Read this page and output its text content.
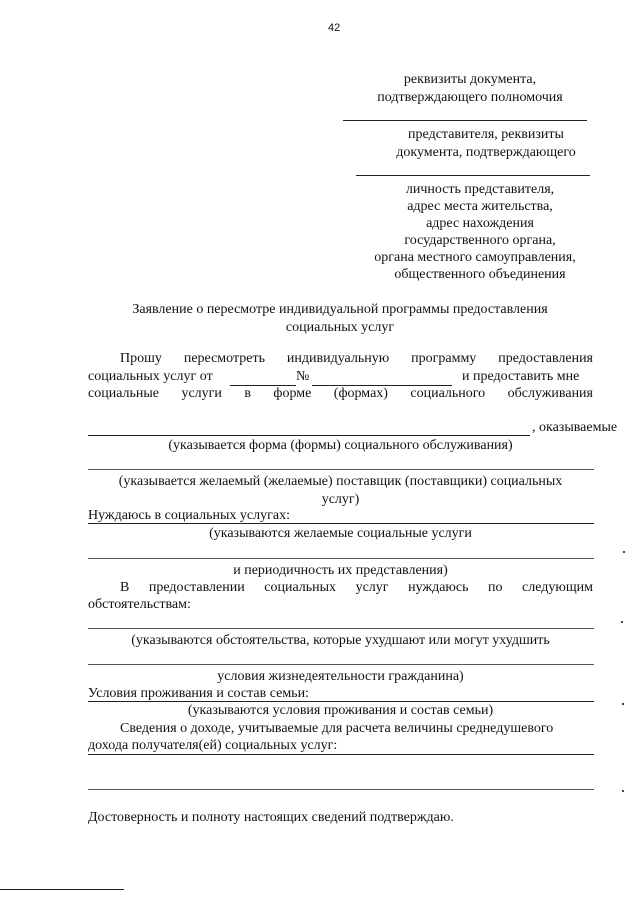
42
реквизиты документа,
подтверждающего полномочия
представителя, реквизиты
документа, подтверждающего
личность представителя,
адрес места жительства,
адрес нахождения
государственного органа,
органа местного самоуправления,
общественного объединения
Заявление о пересмотре индивидуальной программы предоставления
социальных услуг
Прошу пересмотреть индивидуальную программу предоставления
социальных услуг от	№	и предоставить мне
социальные услуги в форме (формах) социального обслуживания
, оказываемые
(указывается форма (формы) социального обслуживания)
(указывается желаемый (желаемые) поставщик (поставщики) социальных
услуг)
Нуждаюсь в социальных услугах:
(указываются желаемые социальные услуги
и периодичность их представления)
В предоставлении социальных услуг нуждаюсь по следующим
обстоятельствам:
(указываются обстоятельства, которые ухудшают или могут ухудшить
условия жизнедеятельности гражданина)
Условия проживания и состав семьи:
(указываются условия проживания и состав семьи)
Сведения о доходе, учитываемые для расчета величины среднедушевого
дохода получателя(ей) социальных услуг:
Достоверность и полноту настоящих сведений подтверждаю.
